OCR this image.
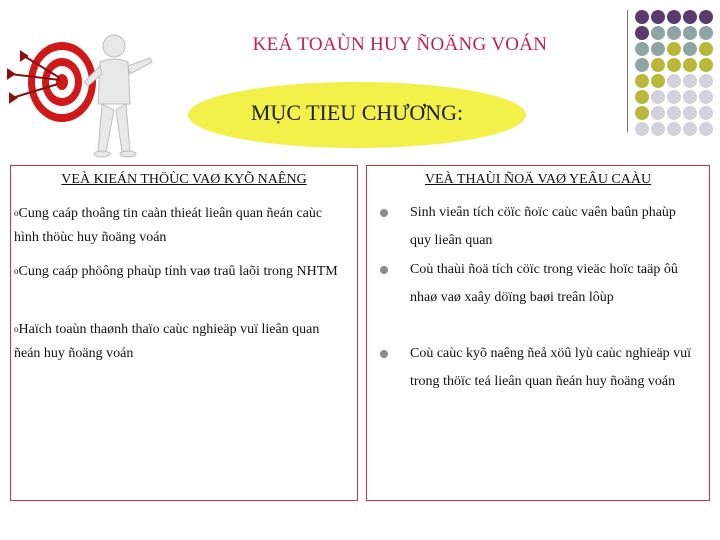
KEÁ TOAÙN HUY ÑOÄNG VOÁN
MỤC TIEU CHƯƠNG:
VEÀ KIEÁN THÖÙC VAØ KYÕ NAÊNG	VEÀ THAÙI ÑOÄ VAØ YEÂU CAÀU
oCung caáp thoâng tin caàn thieát lieân quan ñeán caùc hình thöùc huy ñoäng voán
oCung caáp phöông phaùp tính vaø traû laõi trong NHTM
oHaïch toaùn thaønh thaïo caùc nghieäp vuï lieân quan ñeán huy ñoäng voán
Sinh vieân tích cöïc ñoïc caùc vaên baûn phaùp quy lieân quan
Coù thaùi ñoä tích cöïc trong vieäc hoïc taäp ôû nhaø vaø xaây döïng baøi treân lôùp
Coù caùc kyõ naêng ñeå xöû lyù caùc nghieäp vuï trong thöïc teá lieân quan ñeán huy ñoäng voán
